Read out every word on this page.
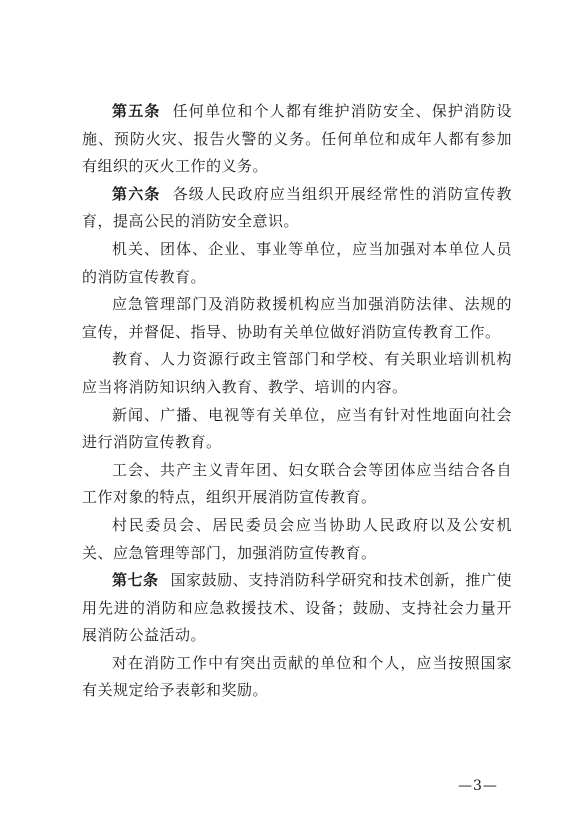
第五条 任何单位和个人都有维护消防安全、保护消防设施、预防火灾、报告火警的义务。任何单位和成年人都有参加有组织的灭火工作的义务。

第六条 各级人民政府应当组织开展经常性的消防宣传教育，提高公民的消防安全意识。

机关、团体、企业、事业等单位，应当加强对本单位人员的消防宣传教育。

应急管理部门及消防救援机构应当加强消防法律、法规的宣传，并督促、指导、协助有关单位做好消防宣传教育工作。

教育、人力资源行政主管部门和学校、有关职业培训机构应当将消防知识纳入教育、教学、培训的内容。

新闻、广播、电视等有关单位，应当有针对性地面向社会进行消防宣传教育。

工会、共产主义青年团、妇女联合会等团体应当结合各自工作对象的特点，组织开展消防宣传教育。

村民委员会、居民委员会应当协助人民政府以及公安机关、应急管理等部门，加强消防宣传教育。

第七条 国家鼓励、支持消防科学研究和技术创新，推广使用先进的消防和应急救援技术、设备；鼓励、支持社会力量开展消防公益活动。

对在消防工作中有突出贡献的单位和个人，应当按照国家有关规定给予表彰和奖励。

—3—
